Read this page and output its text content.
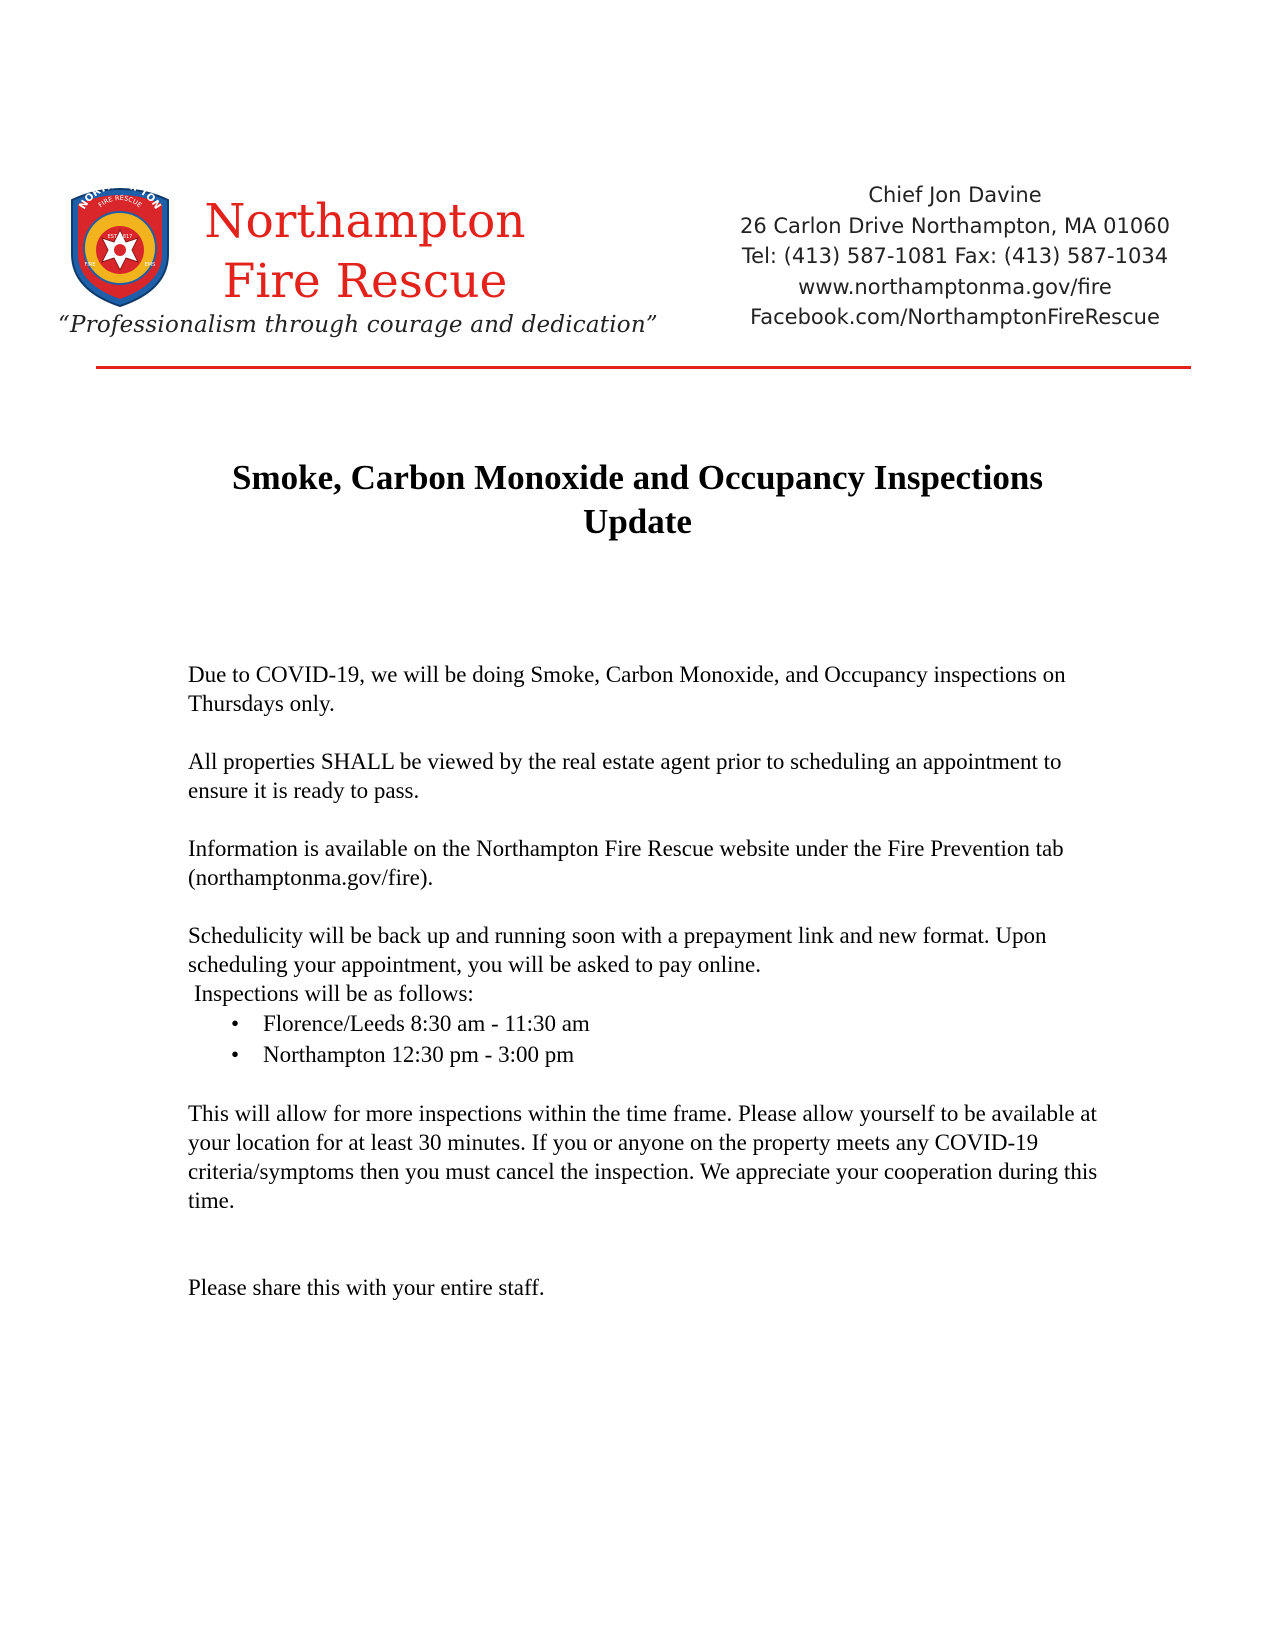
NORTHAMPTON
FIRE RESCUE
EST. 1817
FIRE	EMS
Northampton
Fire Rescue
“Professionalism through courage and dedication”
Chief Jon Davine
26 Carlon Drive Northampton, MA 01060
Tel: (413) 587-1081 Fax: (413) 587-1034
www.northamptonma.gov/fire
Facebook.com/NorthamptonFireRescue
Smoke, Carbon Monoxide and Occupancy Inspections
Update

Due to COVID-19, we will be doing Smoke, Carbon Monoxide, and Occupancy inspections on Thursdays only.

All properties SHALL be viewed by the real estate agent prior to scheduling an appointment to ensure it is ready to pass.

Information is available on the Northampton Fire Rescue website under the Fire Prevention tab (northamptonma.gov/fire).

Schedulicity will be back up and running soon with a prepayment link and new format. Upon scheduling your appointment, you will be asked to pay online.

Inspections will be as follows:
• Florence/Leeds 8:30 am - 11:30 am
• Northampton 12:30 pm - 3:00 pm

This will allow for more inspections within the time frame. Please allow yourself to be available at your location for at least 30 minutes. If you or anyone on the property meets any COVID-19 criteria/symptoms then you must cancel the inspection. We appreciate your cooperation during this time.

Please share this with your entire staff.
